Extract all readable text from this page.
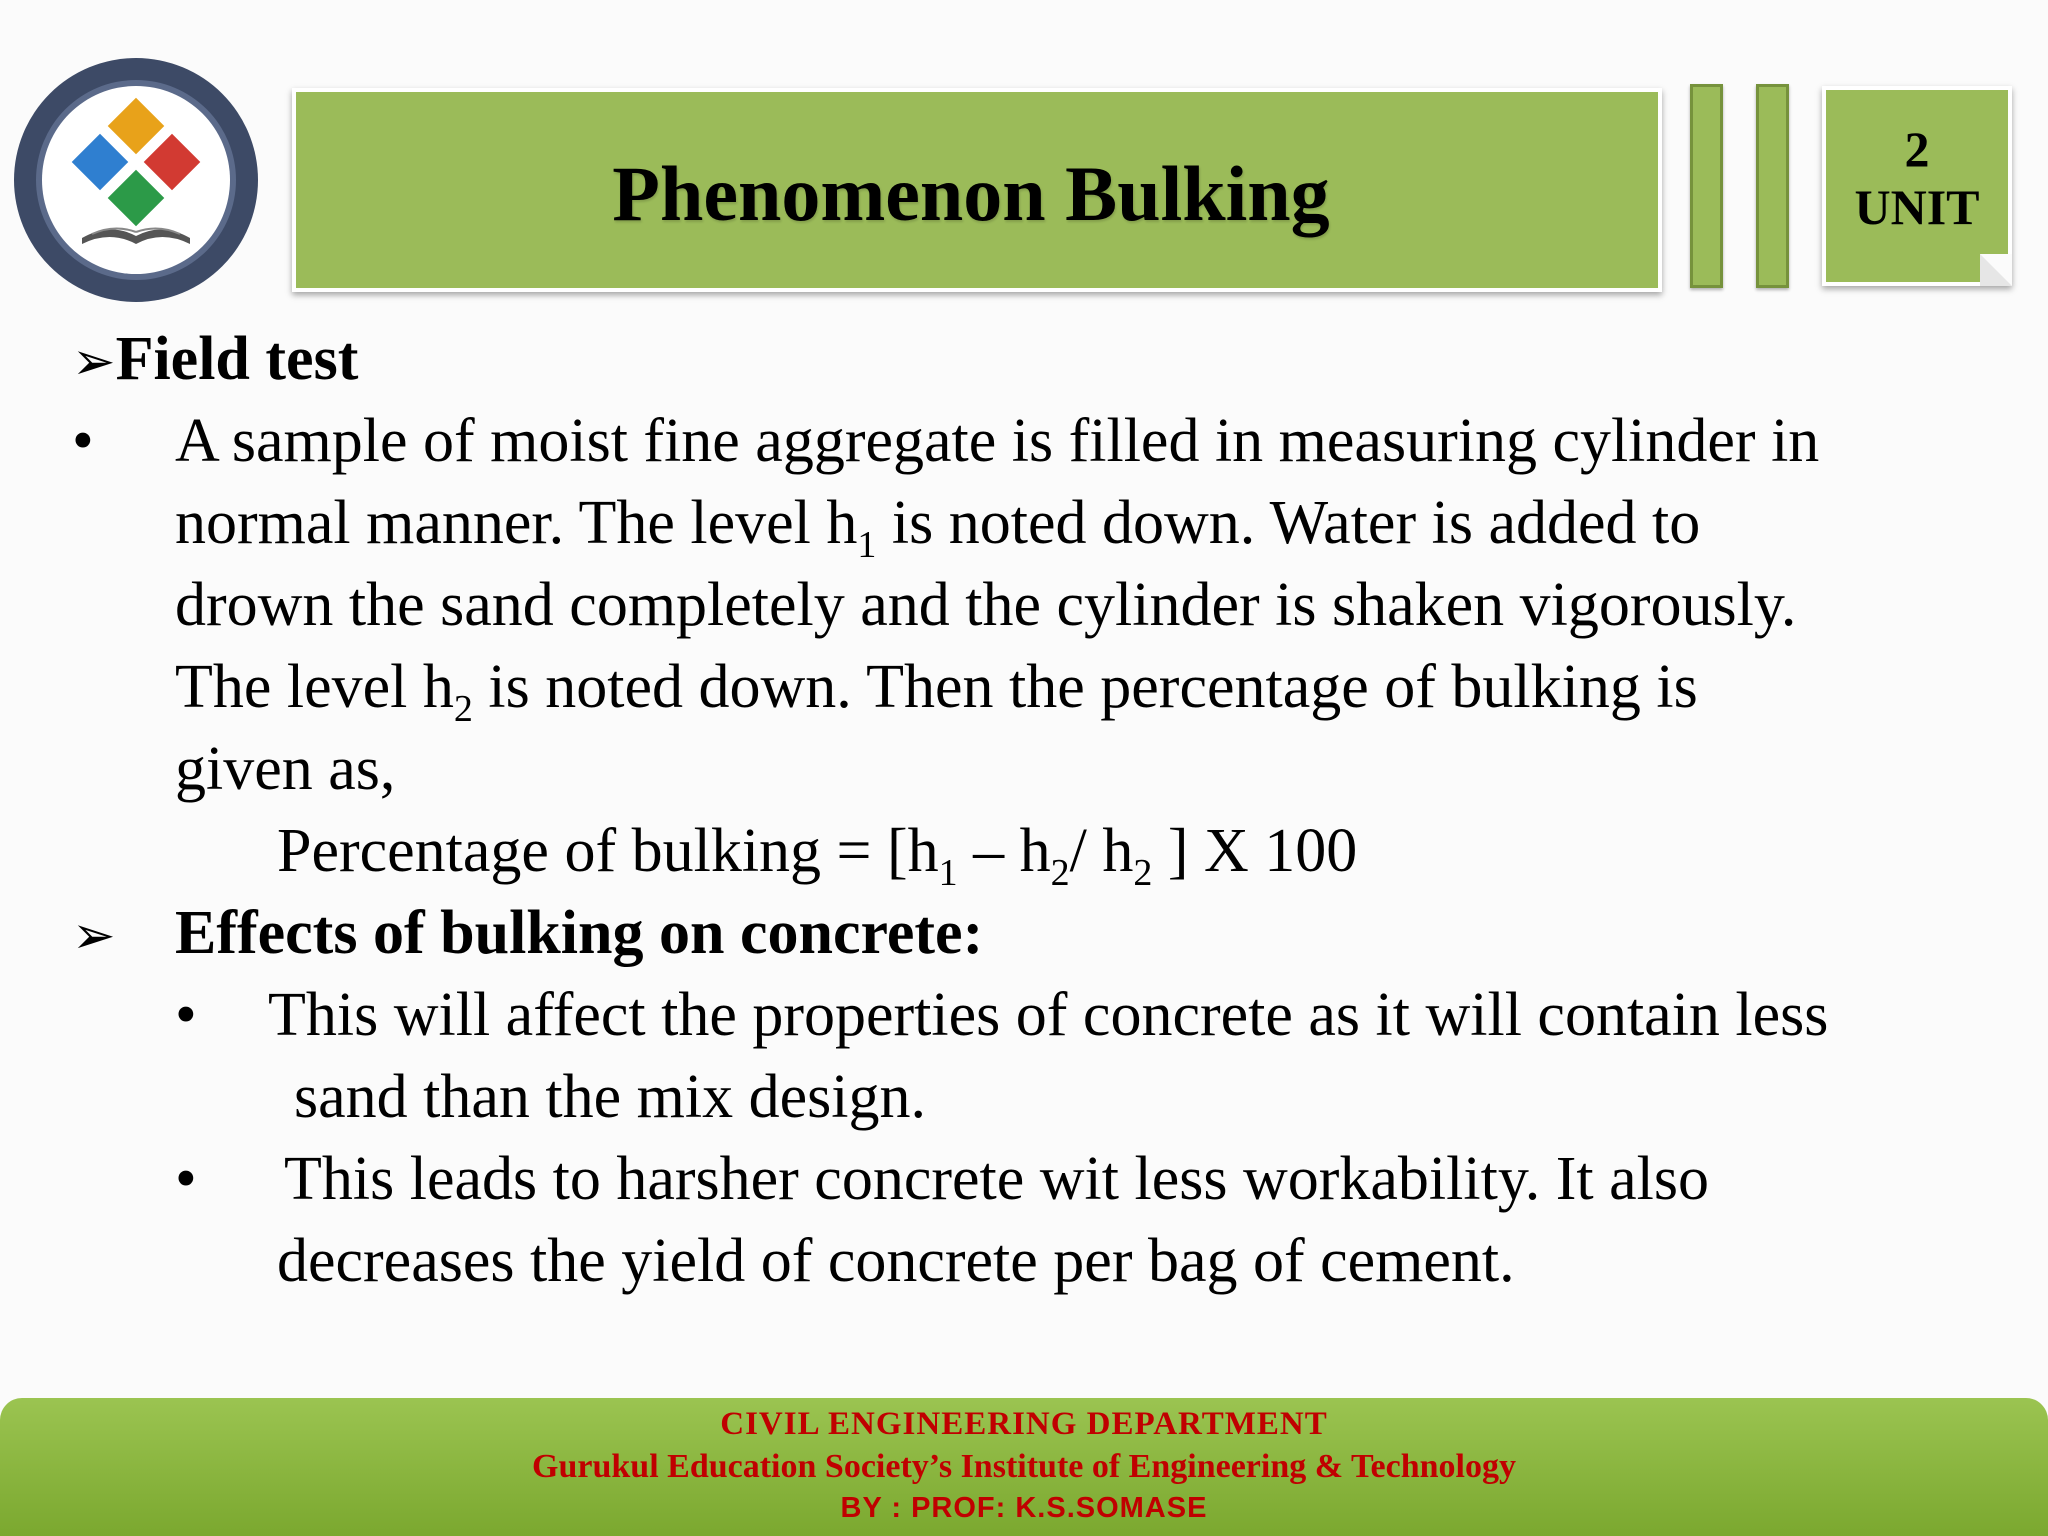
Phenomenon Bulking
2
UNIT
➢Field test
• A sample of moist fine aggregate is filled in measuring cylinder in
normal manner. The level $h_1$ is noted down. Water is added to
drown the sand completely and the cylinder is shaken vigorously.
The level $h_2$ is noted down. Then the percentage of bulking is
given as,
Percentage of bulking = [$h_1 - h_2/$ $h_2$ ] X 100
➢ Effects of bulking on concrete:
• This will affect the properties of concrete as it will contain less
sand than the mix design.
• This leads to harsher concrete wit less workability. It also
decreases the yield of concrete per bag of cement.
CIVIL ENGINEERING DEPARTMENT
Gurukul Education Society’s Institute of Engineering & Technology
BY : PROF: K.S.SOMASE
